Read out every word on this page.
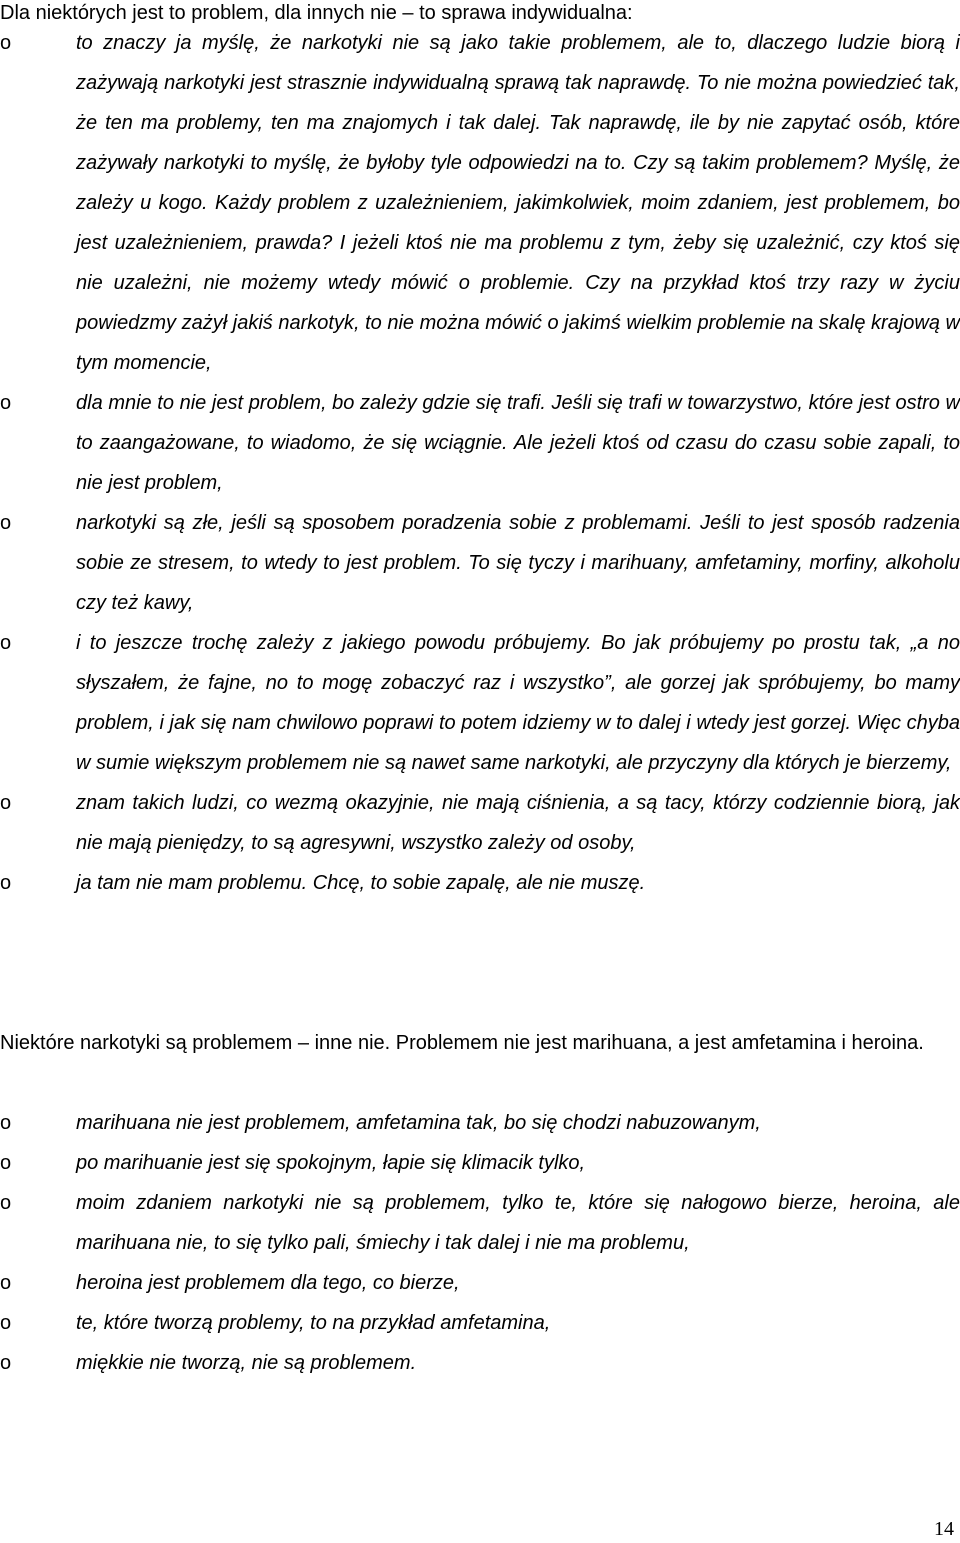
Dla niektórych jest to problem, dla innych nie – to sprawa indywidualna:

o	to znaczy ja myślę, że narkotyki nie są jako takie problemem, ale to, dlaczego ludzie biorą i zażywają narkotyki jest strasznie indywidualną sprawą tak naprawdę. To nie można powiedzieć tak, że ten ma problemy, ten ma znajomych i tak dalej. Tak naprawdę, ile by nie zapytać osób, które zażywały narkotyki to myślę, że byłoby tyle odpowiedzi na to. Czy są takim problemem? Myślę, że zależy u kogo. Każdy problem z uzależnieniem, jakimkolwiek, moim zdaniem, jest problemem, bo jest uzależnieniem, prawda? I jeżeli ktoś nie ma problemu z tym, żeby się uzależnić, czy ktoś się nie uzależni, nie możemy wtedy mówić o problemie. Czy na przykład ktoś trzy razy w życiu powiedzmy zażył jakiś narkotyk, to nie można mówić o jakimś wielkim problemie na skalę krajową w tym momencie,
o	dla mnie to nie jest problem, bo zależy gdzie się trafi. Jeśli się trafi w towarzystwo, które jest ostro w to zaangażowane, to wiadomo, że się wciągnie. Ale jeżeli ktoś od czasu do czasu sobie zapali, to nie jest problem,
o	narkotyki są złe, jeśli są sposobem poradzenia sobie z problemami. Jeśli to jest sposób radzenia sobie ze stresem, to wtedy to jest problem. To się tyczy i marihuany, amfetaminy, morfiny, alkoholu czy też kawy,
o	i to jeszcze trochę zależy z jakiego powodu próbujemy. Bo jak próbujemy po prostu tak, „a no słyszałem, że fajne, no to mogę zobaczyć raz i wszystko”, ale gorzej jak spróbujemy, bo mamy problem, i jak się nam chwilowo poprawi to potem idziemy w to dalej i wtedy jest gorzej. Więc chyba w sumie większym problemem nie są nawet same narkotyki, ale przyczyny dla których je bierzemy,
o	znam takich ludzi, co wezmą okazyjnie, nie mają ciśnienia, a są tacy, którzy codziennie biorą, jak nie mają pieniędzy, to są agresywni, wszystko zależy od osoby,
o	ja tam nie mam problemu. Chcę, to sobie zapalę, ale nie muszę.

Niektóre narkotyki są problemem – inne nie. Problemem nie jest marihuana, a jest amfetamina i heroina.

o	marihuana nie jest problemem, amfetamina tak, bo się chodzi nabuzowanym,
o	po marihuanie jest się spokojnym, łapie się klimacik tylko,
o	moim zdaniem narkotyki nie są problemem, tylko te, które się nałogowo bierze, heroina, ale marihuana nie, to się tylko pali, śmiechy i tak dalej i nie ma problemu,
o	heroina jest problemem dla tego, co bierze,
o	te, które tworzą problemy, to na przykład amfetamina,
o	miękkie nie tworzą, nie są problemem.
14
